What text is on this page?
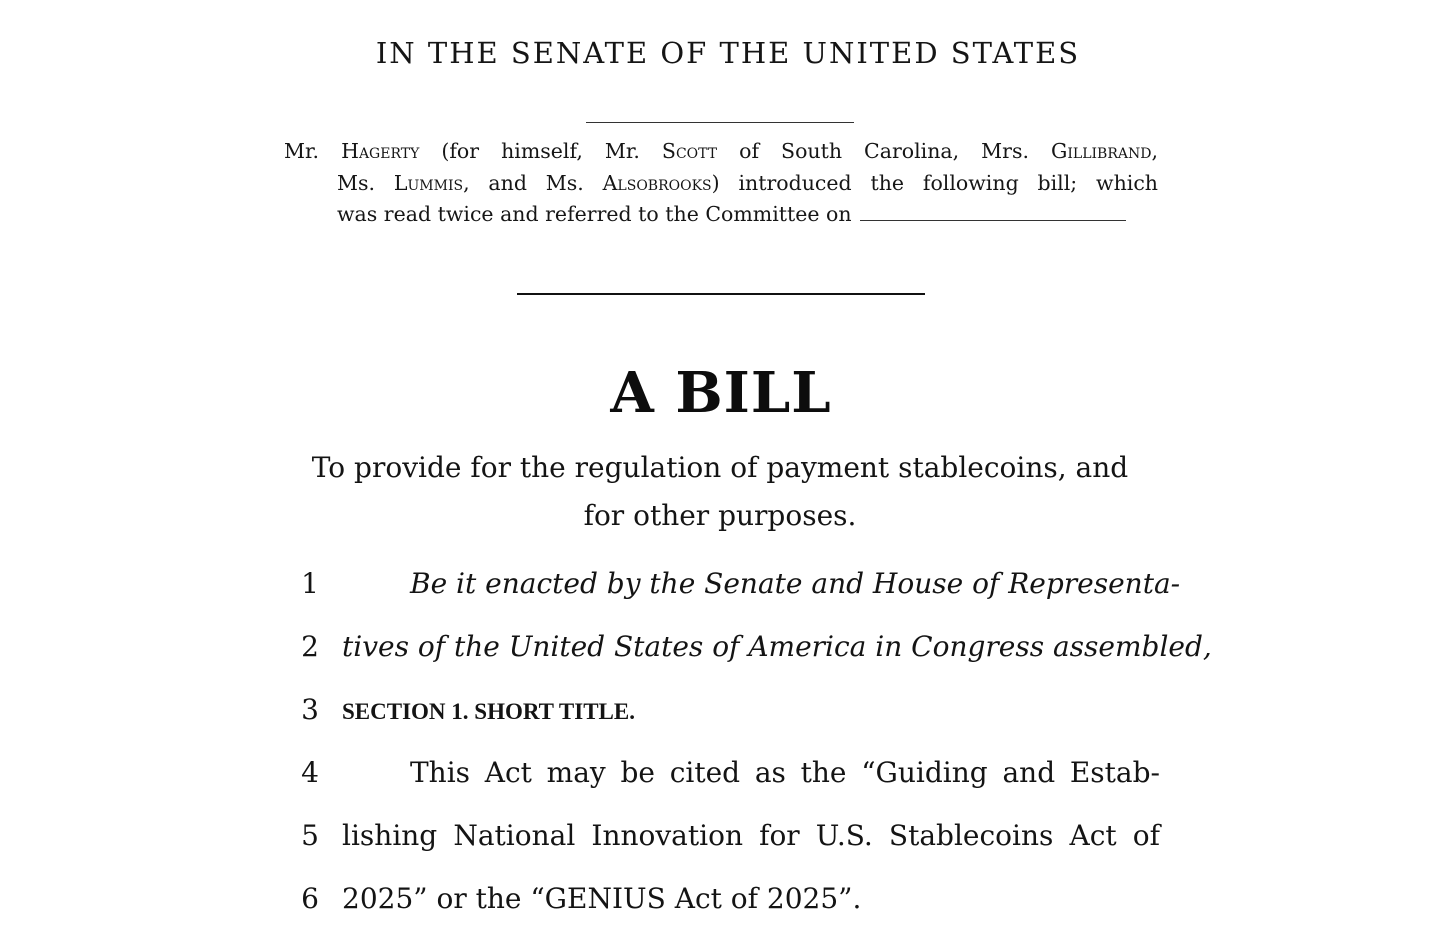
IN THE SENATE OF THE UNITED STATES
Mr. Hagerty (for himself, Mr. Scott of South Carolina, Mrs. Gillibrand,
Ms. Lummis, and Ms. Alsobrooks) introduced the following bill; which
was read twice and referred to the Committee on
A BILL
To provide for the regulation of payment stablecoins, and
for other purposes.
1	Be it enacted by the Senate and House of Representa-
2 tives of the United States of America in Congress assembled,
3	SECTION 1. SHORT TITLE.
4	This Act may be cited as the “Guiding and Estab-
5 lishing National Innovation for U.S. Stablecoins Act of
6 2025” or the “GENIUS Act of 2025”.
